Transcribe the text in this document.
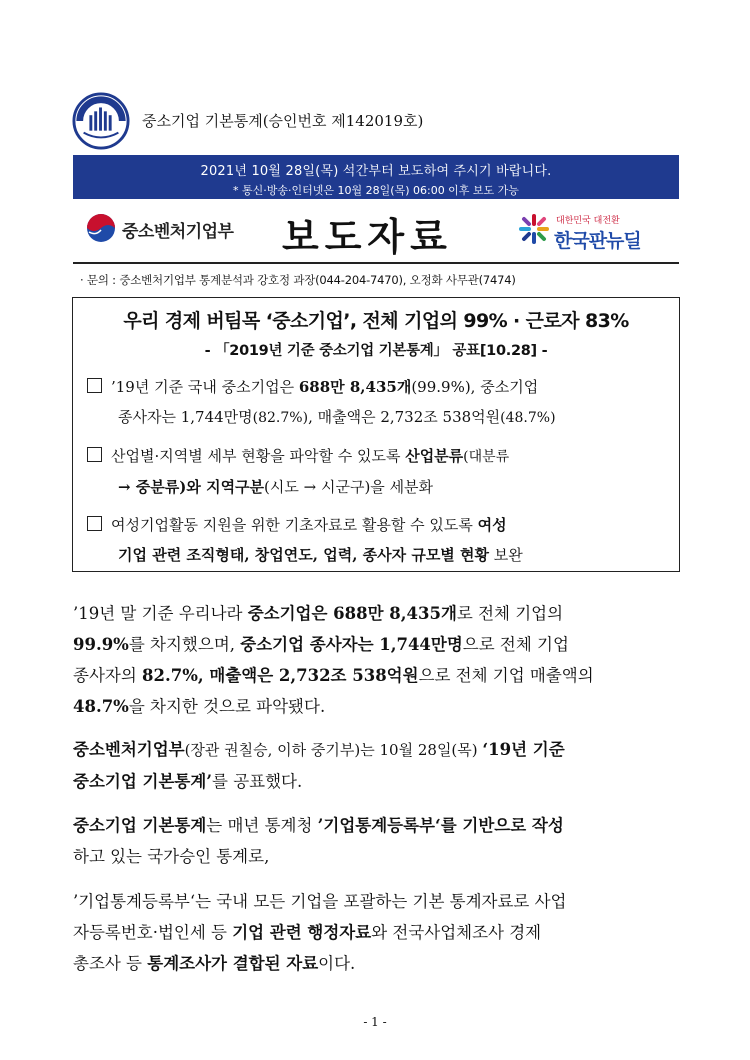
중소기업 기본통계(승인번호 제142019호)
2021년 10월 28일(목) 석간부터 보도하여 주시기 바랍니다.
* 통신·방송·인터넷은 10월 28일(목) 06:00 이후 보도 가능
중소벤처기업부 보도자료	대한민국 대전환
한국판뉴딜
· 문의 : 중소벤처기업부 통계분석과 강호정 과장(044-204-7470), 오정화 사무관(7474)
우리 경제 버팀목 ‘중소기업’, 전체 기업의 99% · 근로자 83%
- 「2019년 기준 중소기업 기본통계」 공표[10.28] -
’19년 기준 국내 중소기업은 688만 8,435개(99.9%), 중소기업
종사자는 1,744만명(82.7%), 매출액은 2,732조 538억원(48.7%)
산업별·지역별 세부 현황을 파악할 수 있도록 산업분류(대분류
→ 중분류)와 지역구분(시도 → 시군구)을 세분화
여성기업활동 지원을 위한 기초자료로 활용할 수 있도록 여성
기업 관련 조직형태, 창업연도, 업력, 종사자 규모별 현황 보완
’19년 말 기준 우리나라 중소기업은 688만 8,435개로 전체 기업의
99.9%를 차지했으며, 중소기업 종사자는 1,744만명으로 전체 기업
종사자의 82.7%, 매출액은 2,732조 538억원으로 전체 기업 매출액의
48.7%을 차지한 것으로 파악됐다.
중소벤처기업부(장관 권칠승, 이하 중기부)는 10월 28일(목) ‘19년 기준
중소기업 기본통계’를 공표했다.
중소기업 기본통계는 매년 통계청 ’기업통계등록부‘를 기반으로 작성
하고 있는 국가승인 통계로,
’기업통계등록부‘는 국내 모든 기업을 포괄하는 기본 통계자료로 사업
자등록번호·법인세 등 기업 관련 행정자료와 전국사업체조사 경제
총조사 등 통계조사가 결합된 자료이다.
- 1 -
